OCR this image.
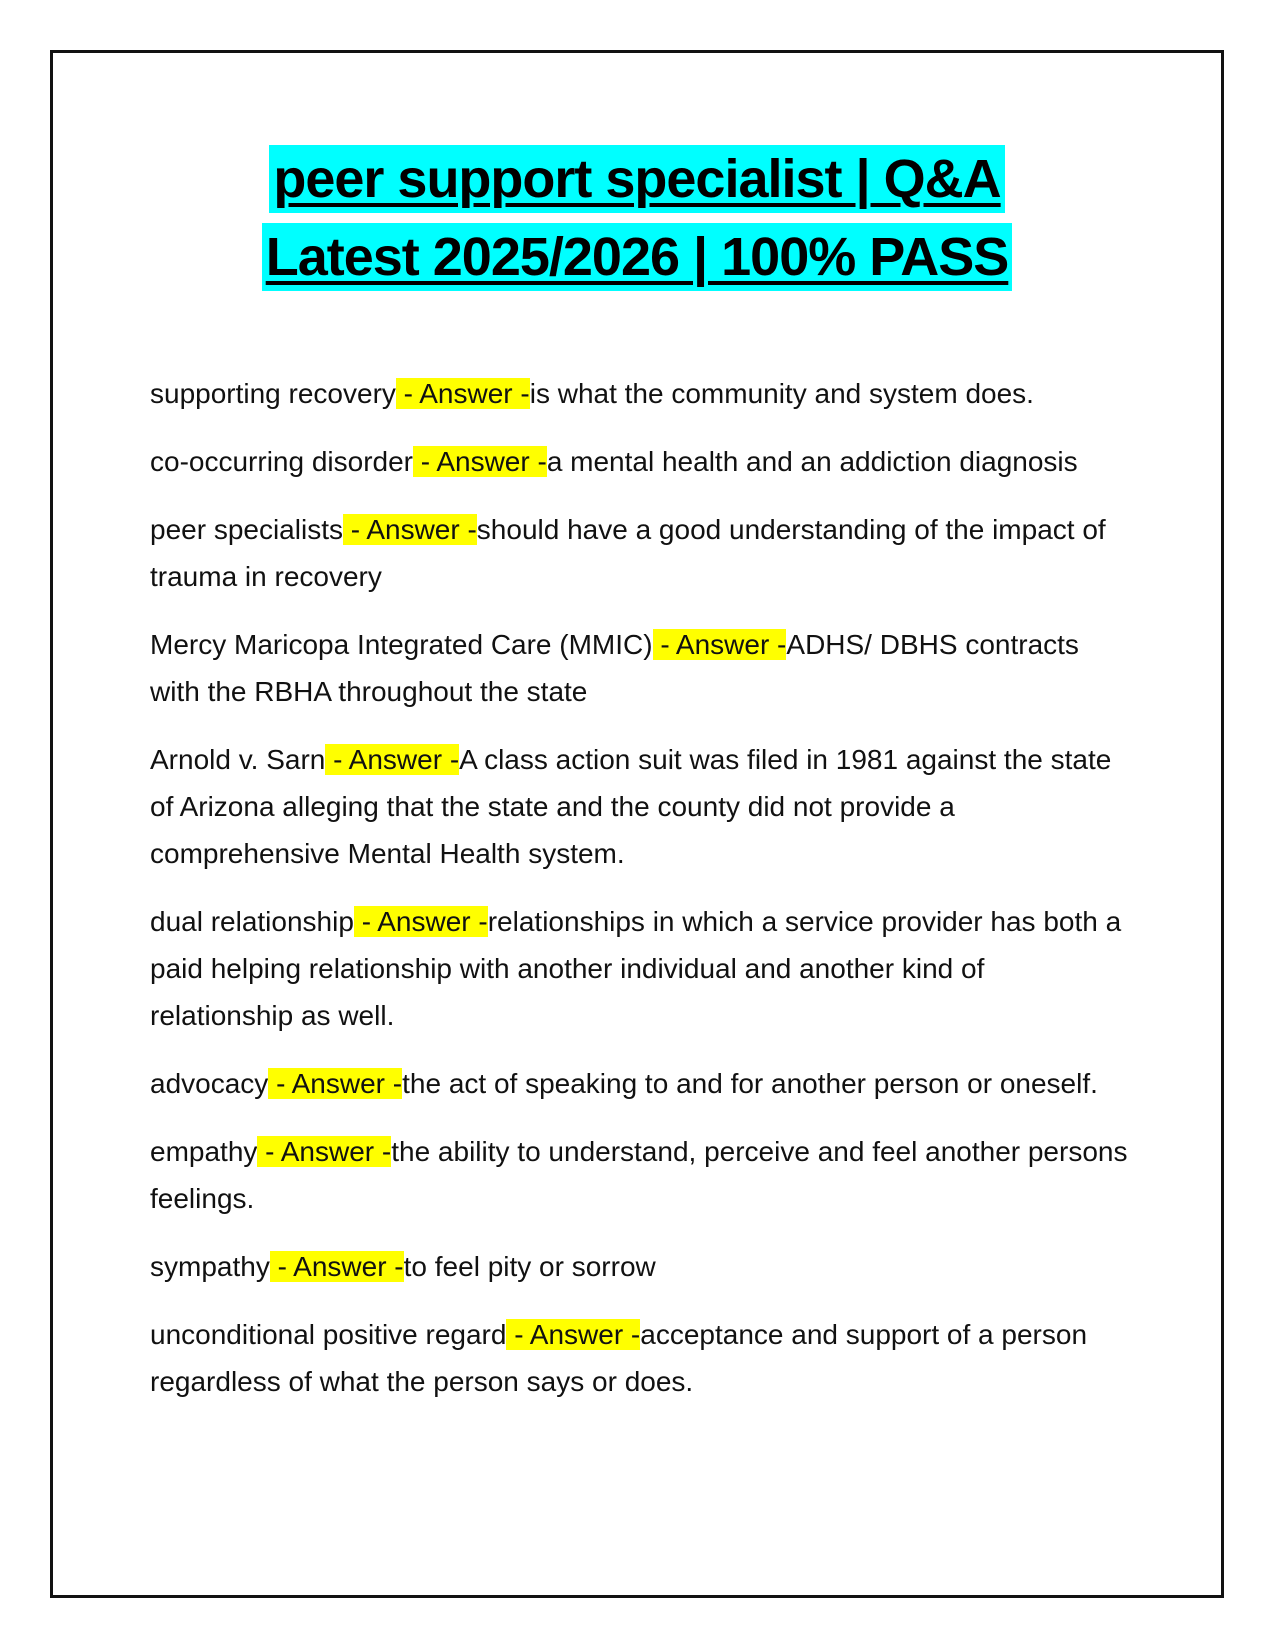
peer support specialist | Q&A
Latest 2025/2026 | 100% PASS

supporting recovery - Answer -is what the community and system does.

co-occurring disorder - Answer -a mental health and an addiction diagnosis

peer specialists - Answer -should have a good understanding of the impact of trauma in recovery

Mercy Maricopa Integrated Care (MMIC) - Answer -ADHS/ DBHS contracts with the RBHA throughout the state

Arnold v. Sarn - Answer -A class action suit was filed in 1981 against the state of Arizona alleging that the state and the county did not provide a comprehensive Mental Health system.

dual relationship - Answer -relationships in which a service provider has both a paid helping relationship with another individual and another kind of relationship as well.

advocacy - Answer -the act of speaking to and for another person or oneself.

empathy - Answer -the ability to understand, perceive and feel another persons feelings.

sympathy - Answer -to feel pity or sorrow

unconditional positive regard - Answer -acceptance and support of a person regardless of what the person says or does.
